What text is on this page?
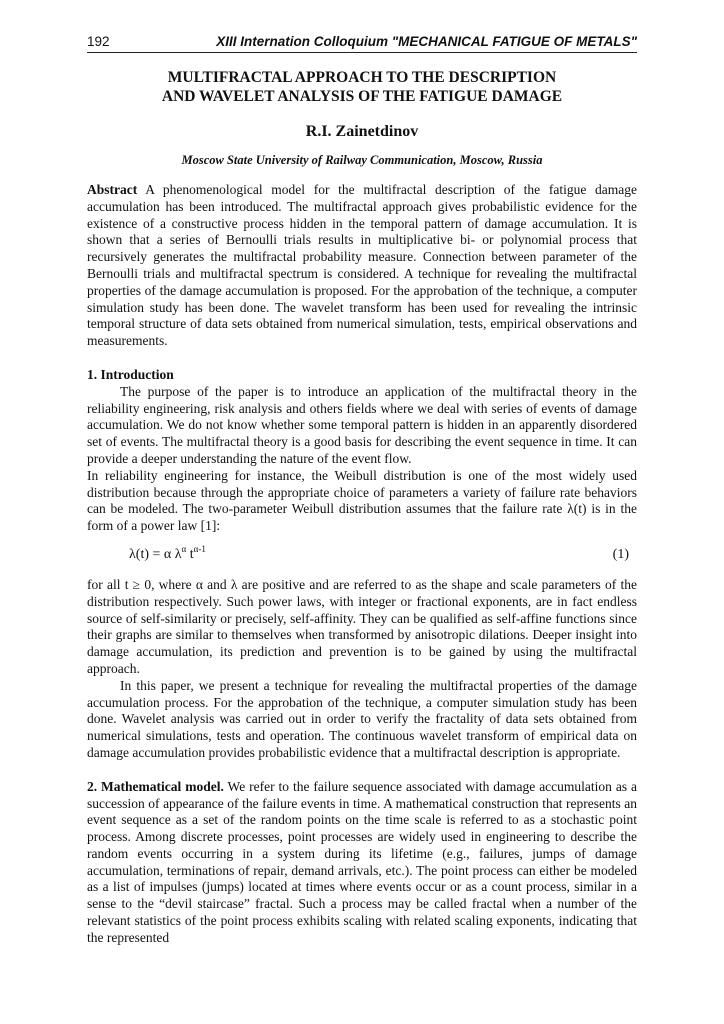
192	XIII Internation Colloquium "MECHANICAL FATIGUE OF METALS"
MULTIFRACTAL APPROACH TO THE DESCRIPTION
AND WAVELET ANALYSIS OF THE FATIGUE DAMAGE
R.I. Zainetdinov
Moscow State University of Railway Communication, Moscow, Russia

Abstract A phenomenological model for the multifractal description of the fatigue damage accumulation has been introduced. The multifractal approach gives probabilistic evidence for the existence of a constructive process hidden in the temporal pattern of damage accumulation. It is shown that a series of Bernoulli trials results in multiplicative bi- or polynomial process that recursively generates the multifractal probability measure. Connection between parameter of the Bernoulli trials and multifractal spectrum is considered. A technique for revealing the multifractal properties of the damage accumulation is proposed. For the approbation of the technique, a computer simulation study has been done. The wavelet transform has been used for revealing the intrinsic temporal structure of data sets obtained from numerical simulation, tests, empirical observations and measurements.

1. Introduction

The purpose of the paper is to introduce an application of the multifractal theory in the reliability engineering, risk analysis and others fields where we deal with series of events of damage accumulation. We do not know whether some temporal pattern is hidden in an apparently disordered set of events. The multifractal theory is a good basis for describing the event sequence in time. It can provide a deeper understanding the nature of the event flow.

In reliability engineering for instance, the Weibull distribution is one of the most widely used distribution because through the appropriate choice of parameters a variety of failure rate behaviors can be modeled. The two-parameter Weibull distribution assumes that the failure rate λ(t) is in the form of a power law [1]:

λ(t) = α $\lambda^\alpha$ $t^{\alpha-1}$	(1)

for all t ≥ 0, where α and λ are positive and are referred to as the shape and scale parameters of the distribution respectively. Such power laws, with integer or fractional exponents, are in fact endless source of self-similarity or precisely, self-affinity. They can be qualified as self-affine functions since their graphs are similar to themselves when transformed by anisotropic dilations. Deeper insight into damage accumulation, its prediction and prevention is to be gained by using the multifractal approach.

In this paper, we present a technique for revealing the multifractal properties of the damage accumulation process. For the approbation of the technique, a computer simulation study has been done. Wavelet analysis was carried out in order to verify the fractality of data sets obtained from numerical simulations, tests and operation. The continuous wavelet transform of empirical data on damage accumulation provides probabilistic evidence that a multifractal description is appropriate.

2. Mathematical model. We refer to the failure sequence associated with damage accumulation as a succession of appearance of the failure events in time. A mathematical construction that represents an event sequence as a set of the random points on the time scale is referred to as a stochastic point process. Among discrete processes, point processes are widely used in engineering to describe the random events occurring in a system during its lifetime (e.g., failures, jumps of damage accumulation, terminations of repair, demand arrivals, etc.). The point process can either be modeled as a list of impulses (jumps) located at times where events occur or as a count process, similar in a sense to the “devil staircase” fractal. Such a process may be called fractal when a number of the relevant statistics of the point process exhibits scaling with related scaling exponents, indicating that the represented
